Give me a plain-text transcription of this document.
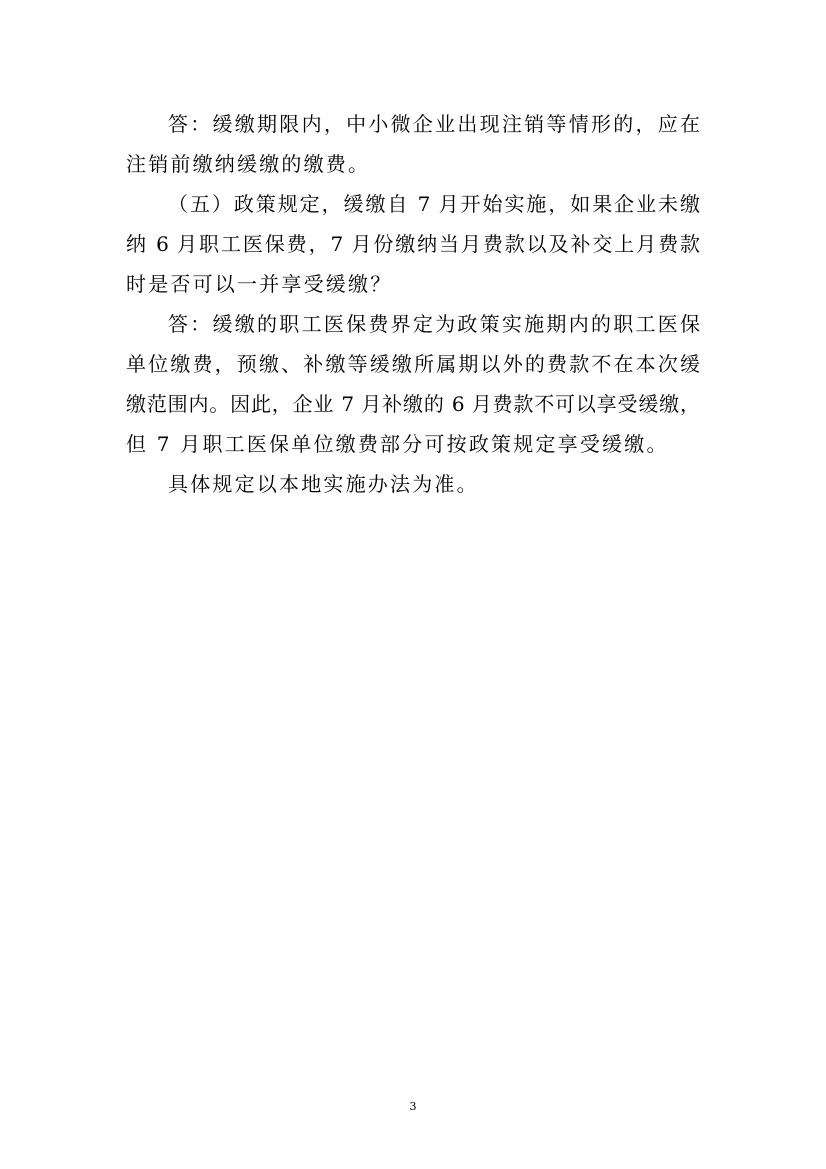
答：缓缴期限内，中小微企业出现注销等情形的，应在
注销前缴纳缓缴的缴费。
（五）政策规定，缓缴自 7 月开始实施，如果企业未缴
纳 6 月职工医保费，7 月份缴纳当月费款以及补交上月费款
时是否可以一并享受缓缴？
答：缓缴的职工医保费界定为政策实施期内的职工医保
单位缴费，预缴、补缴等缓缴所属期以外的费款不在本次缓
缴范围内。因此，企业 7 月补缴的 6 月费款不可以享受缓缴，
但 7 月职工医保单位缴费部分可按政策规定享受缓缴。
具体规定以本地实施办法为准。
3
